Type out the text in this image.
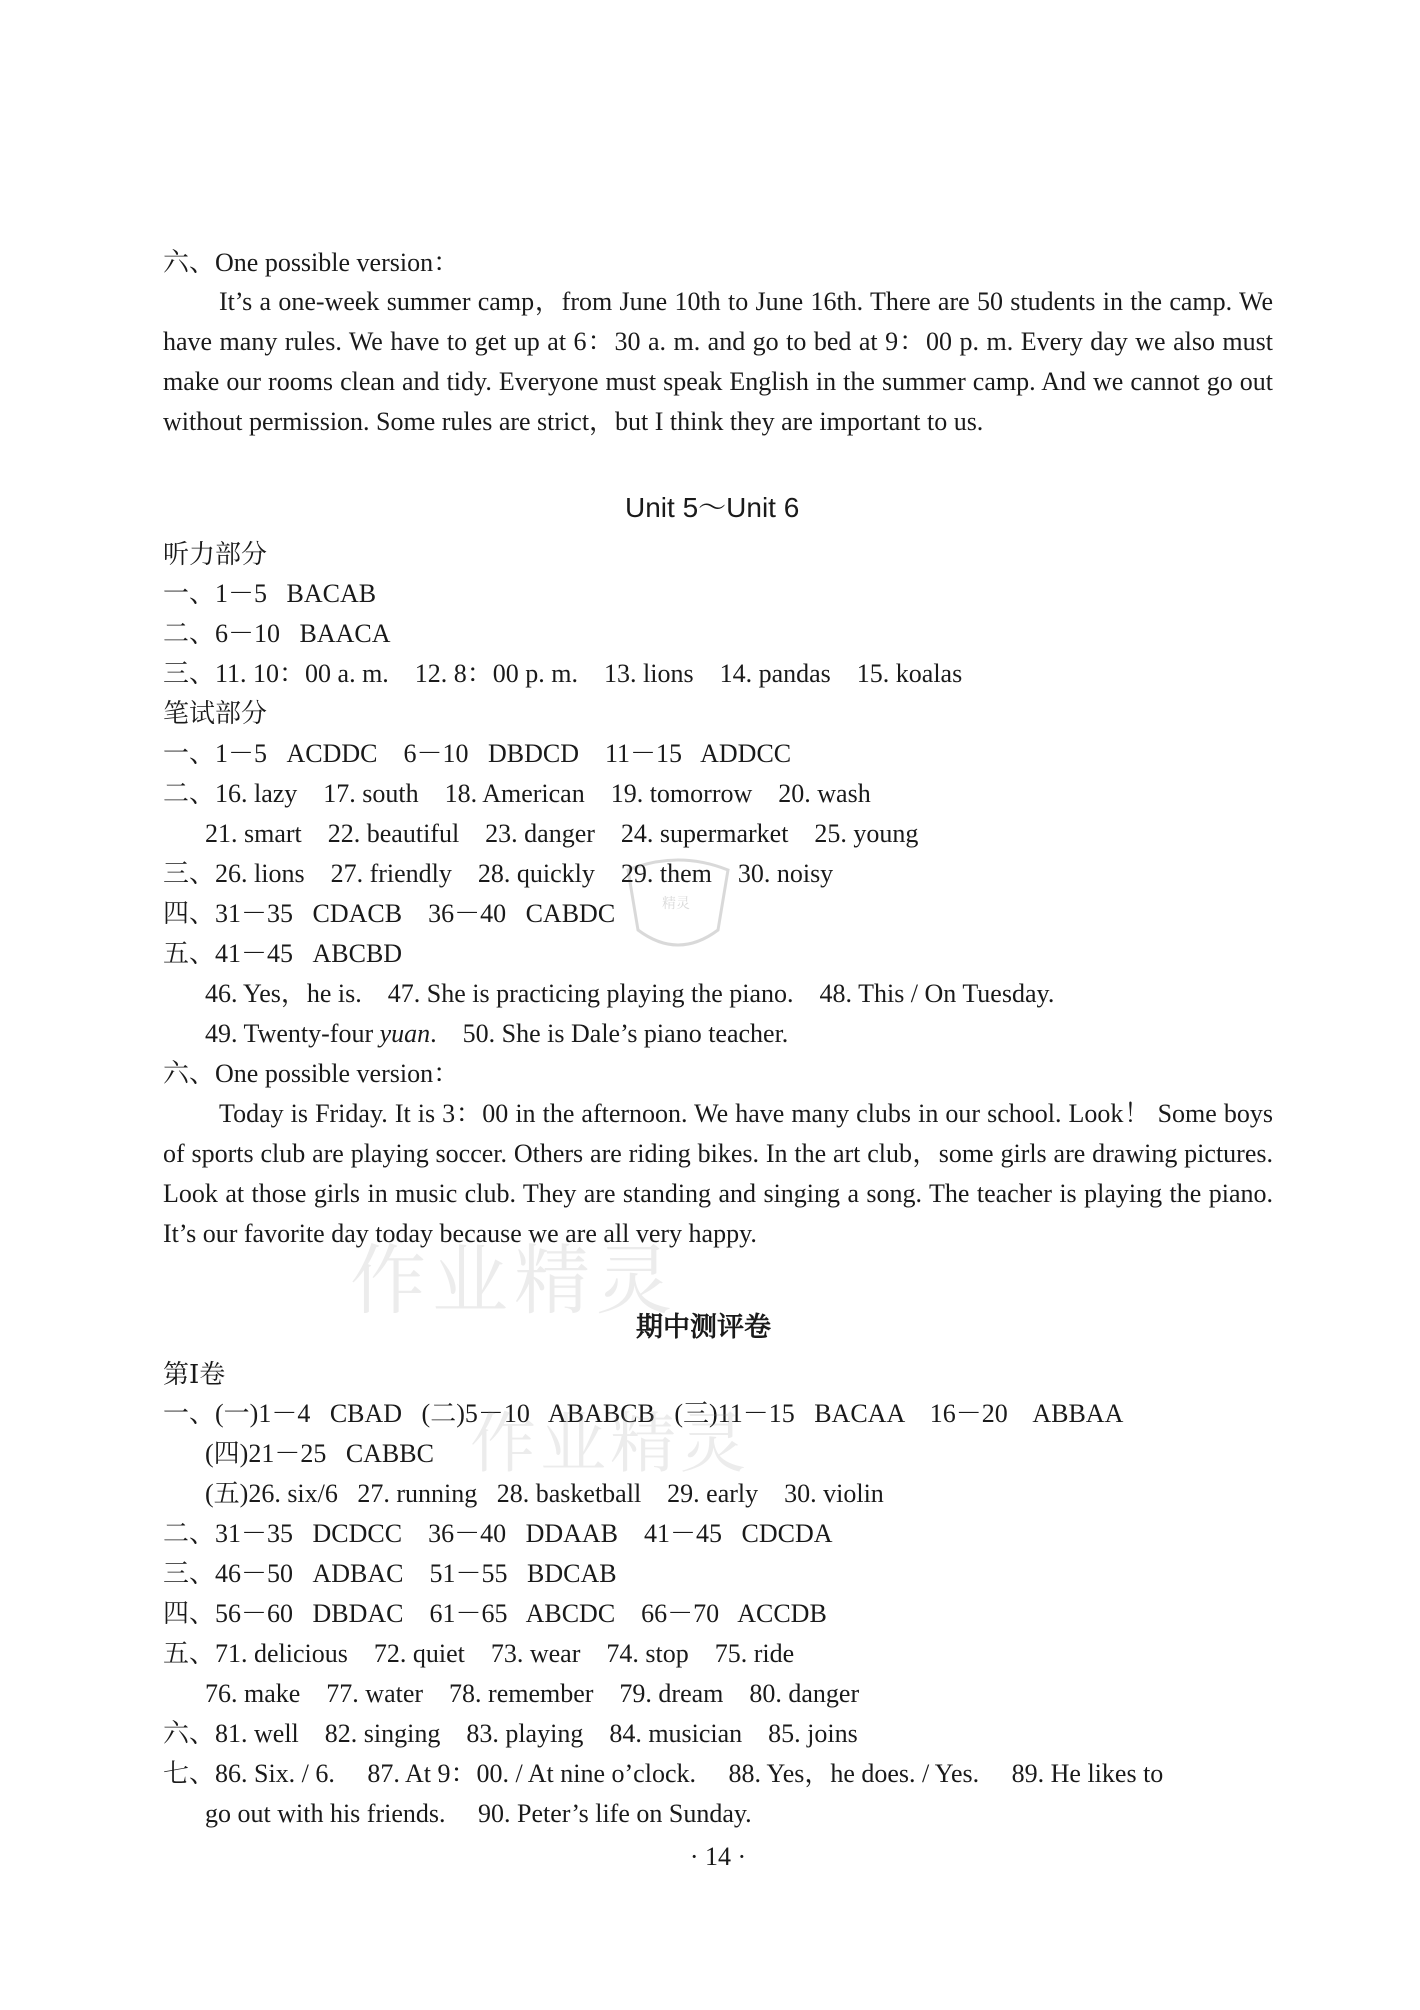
六、One possible version：

It’s a one-week summer camp，from June 10th to June 16th. There are 50 students in the camp. We have many rules. We have to get up at 6：30 a. m. and go to bed at 9：00 p. m. Every day we also must make our rooms clean and tidy. Everyone must speak English in the summer camp. And we cannot go out without permission. Some rules are strict，but I think they are important to us.

Unit 5～Unit 6
听力部分
一、1－5   BACAB
二、6－10   BAACA
三、11. 10：00 a. m.    12. 8：00 p. m.    13. lions    14. pandas    15. koalas
笔试部分
一、1－5   ACDDC    6－10   DBDCD    11－15   ADDCC
二、16. lazy    17. south    18. American    19. tomorrow    20. wash
21. smart    22. beautiful    23. danger    24. supermarket    25. young
三、26. lions    27. friendly    28. quickly    29. them    30. noisy
四、31－35   CDACB    36－40   CABDC
五、41－45   ABCBD
46. Yes，he is.    47. She is practicing playing the piano.    48. This / On Tuesday.
49. Twenty-four yuan.    50. She is Dale’s piano teacher.
六、One possible version：

Today is Friday. It is 3：00 in the afternoon. We have many clubs in our school. Look！ Some boys of sports club are playing soccer. Others are riding bikes. In the art club，some girls are drawing pictures. Look at those girls in music club. They are standing and singing a song. The teacher is playing the piano. It’s our favorite day today because we are all very happy.

期中测评卷
第Ⅰ卷
一、(一)1－4   CBAD   (二)5－10   ABABCB   (三)11－15   BACAA    16－20    ABBAA
(四)21－25   CABBC
(五)26. six/6   27. running   28. basketball    29. early    30. violin
二、31－35   DCDCC    36－40   DDAAB    41－45   CDCDA
三、46－50   ADBAC    51－55   BDCAB
四、56－60   DBDAC    61－65   ABCDC    66－70   ACCDB
五、71. delicious    72. quiet    73. wear    74. stop    75. ride
76. make    77. water    78. remember    79. dream    80. danger
六、81. well    82. singing    83. playing    84. musician    85. joins
七、86. Six. / 6.     87. At 9：00. / At nine o’clock.     88. Yes，he does. / Yes.     89. He likes to
go out with his friends.     90. Peter’s life on Sunday.
· 14 ·
精灵
作业精灵
作业精灵
